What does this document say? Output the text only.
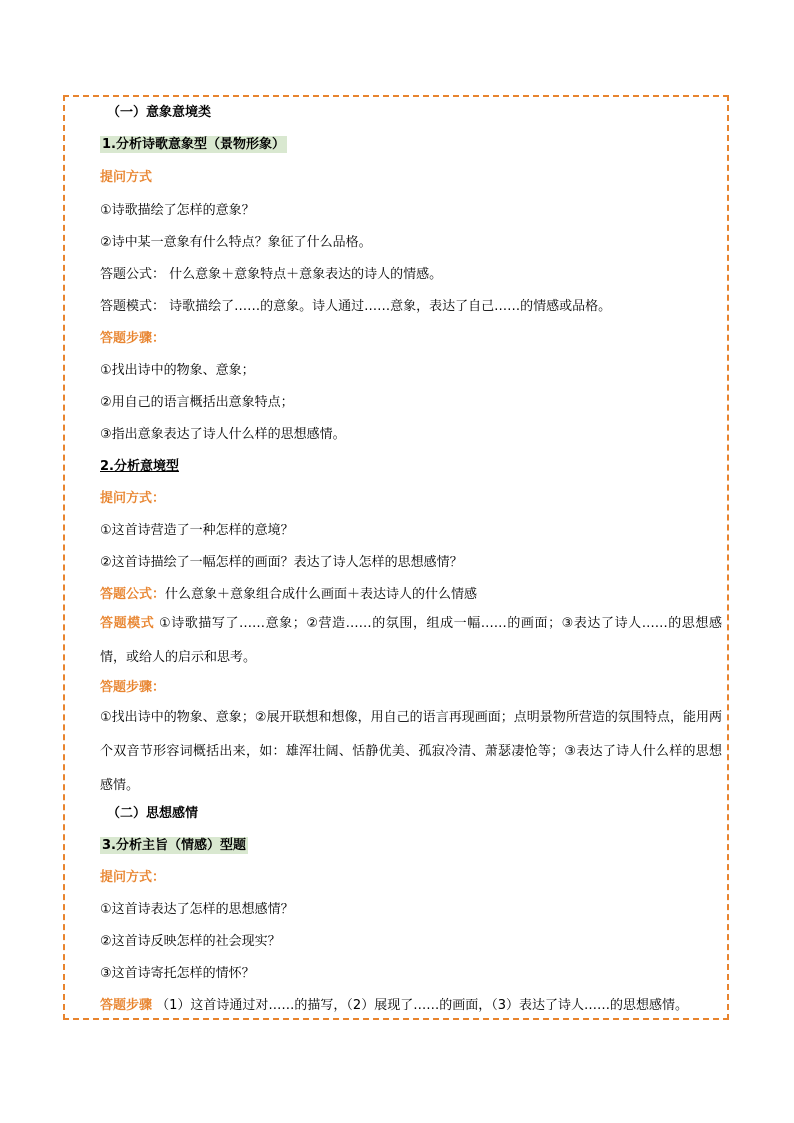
（一）意象意境类
1.分析诗歌意象型（景物形象）
提问方式
①诗歌描绘了怎样的意象？
②诗中某一意象有什么特点？象征了什么品格。
答题公式： 什么意象＋意象特点＋意象表达的诗人的情感。
答题模式： 诗歌描绘了……的意象。诗人通过……意象，表达了自己……的情感或品格。
答题步骤：
①找出诗中的物象、意象；
②用自己的语言概括出意象特点；
③指出意象表达了诗人什么样的思想感情。
2.分析意境型
提问方式：
①这首诗营造了一种怎样的意境？
②这首诗描绘了一幅怎样的画面？表达了诗人怎样的思想感情？
答题公式：什么意象＋意象组合成什么画面＋表达诗人的什么情感
答题模式 ①诗歌描写了……意象；②营造……的氛围，组成一幅……的画面；③表达了诗人……的思想感情，或给人的启示和思考。
答题步骤：
①找出诗中的物象、意象；②展开联想和想像，用自己的语言再现画面；点明景物所营造的氛围特点，能用两个双音节形容词概括出来，如：雄浑壮阔、恬静优美、孤寂冷清、萧瑟凄怆等；③表达了诗人什么样的思想感情。
（二）思想感情
3.分析主旨（情感）型题
提问方式：
①这首诗表达了怎样的思想感情？
②这首诗反映怎样的社会现实？
③这首诗寄托怎样的情怀？
答题步骤 （1）这首诗通过对……的描写，（2）展现了……的画面，（3）表达了诗人……的思想感情。
